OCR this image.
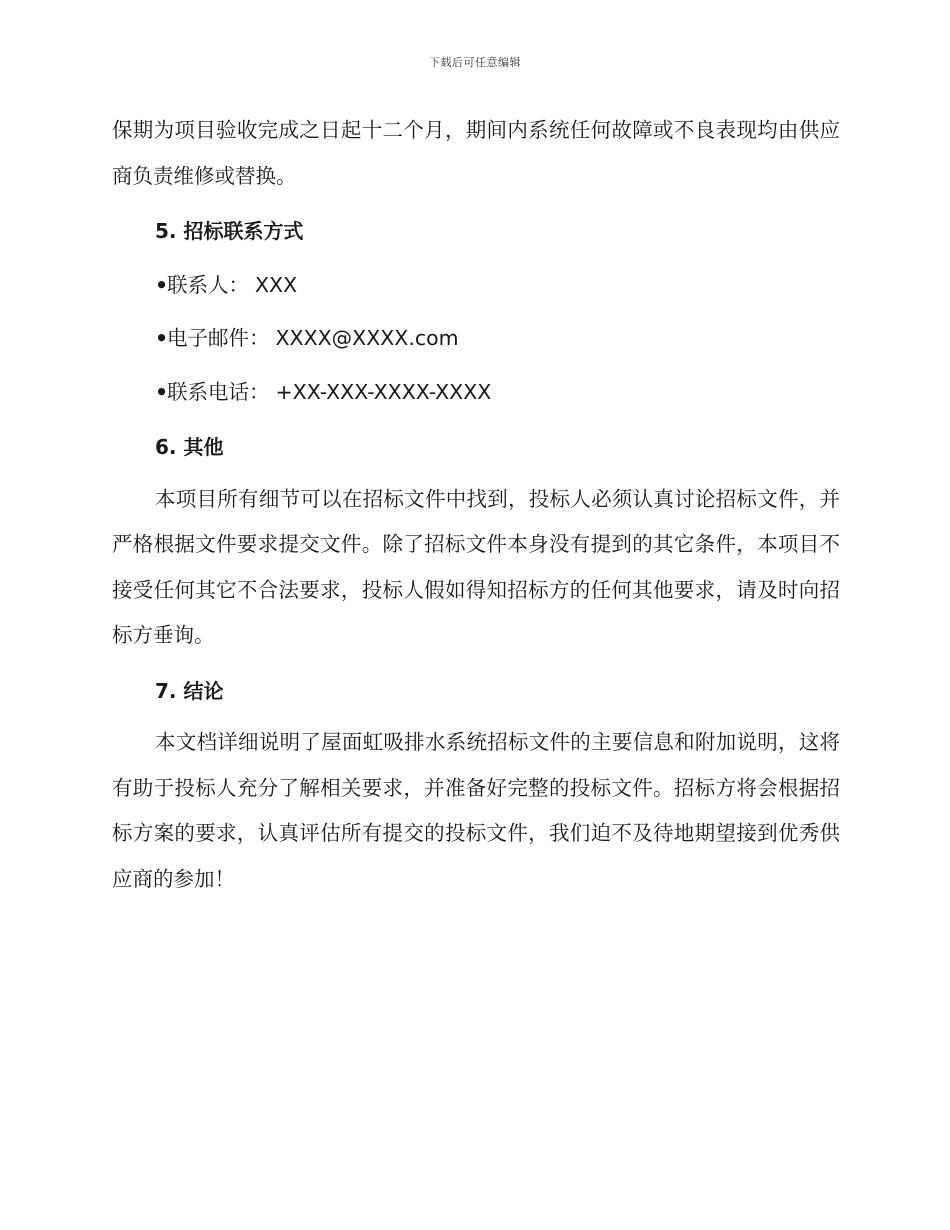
下载后可任意编辑

保期为项目验收完成之日起十二个月，期间内系统任何故障或不良表现均由供应商负责维修或替换。

5. 招标联系方式
•联系人： XXX
•电子邮件： XXXX@XXXX.com
•联系电话： +XX-XXX-XXXX-XXXX
6. 其他

本项目所有细节可以在招标文件中找到，投标人必须认真讨论招标文件，并严格根据文件要求提交文件。除了招标文件本身没有提到的其它条件，本项目不接受任何其它不合法要求，投标人假如得知招标方的任何其他要求，请及时向招标方垂询。

7. 结论

本文档详细说明了屋面虹吸排水系统招标文件的主要信息和附加说明，这将有助于投标人充分了解相关要求，并准备好完整的投标文件。招标方将会根据招标方案的要求，认真评估所有提交的投标文件，我们迫不及待地期望接到优秀供应商的参加！
